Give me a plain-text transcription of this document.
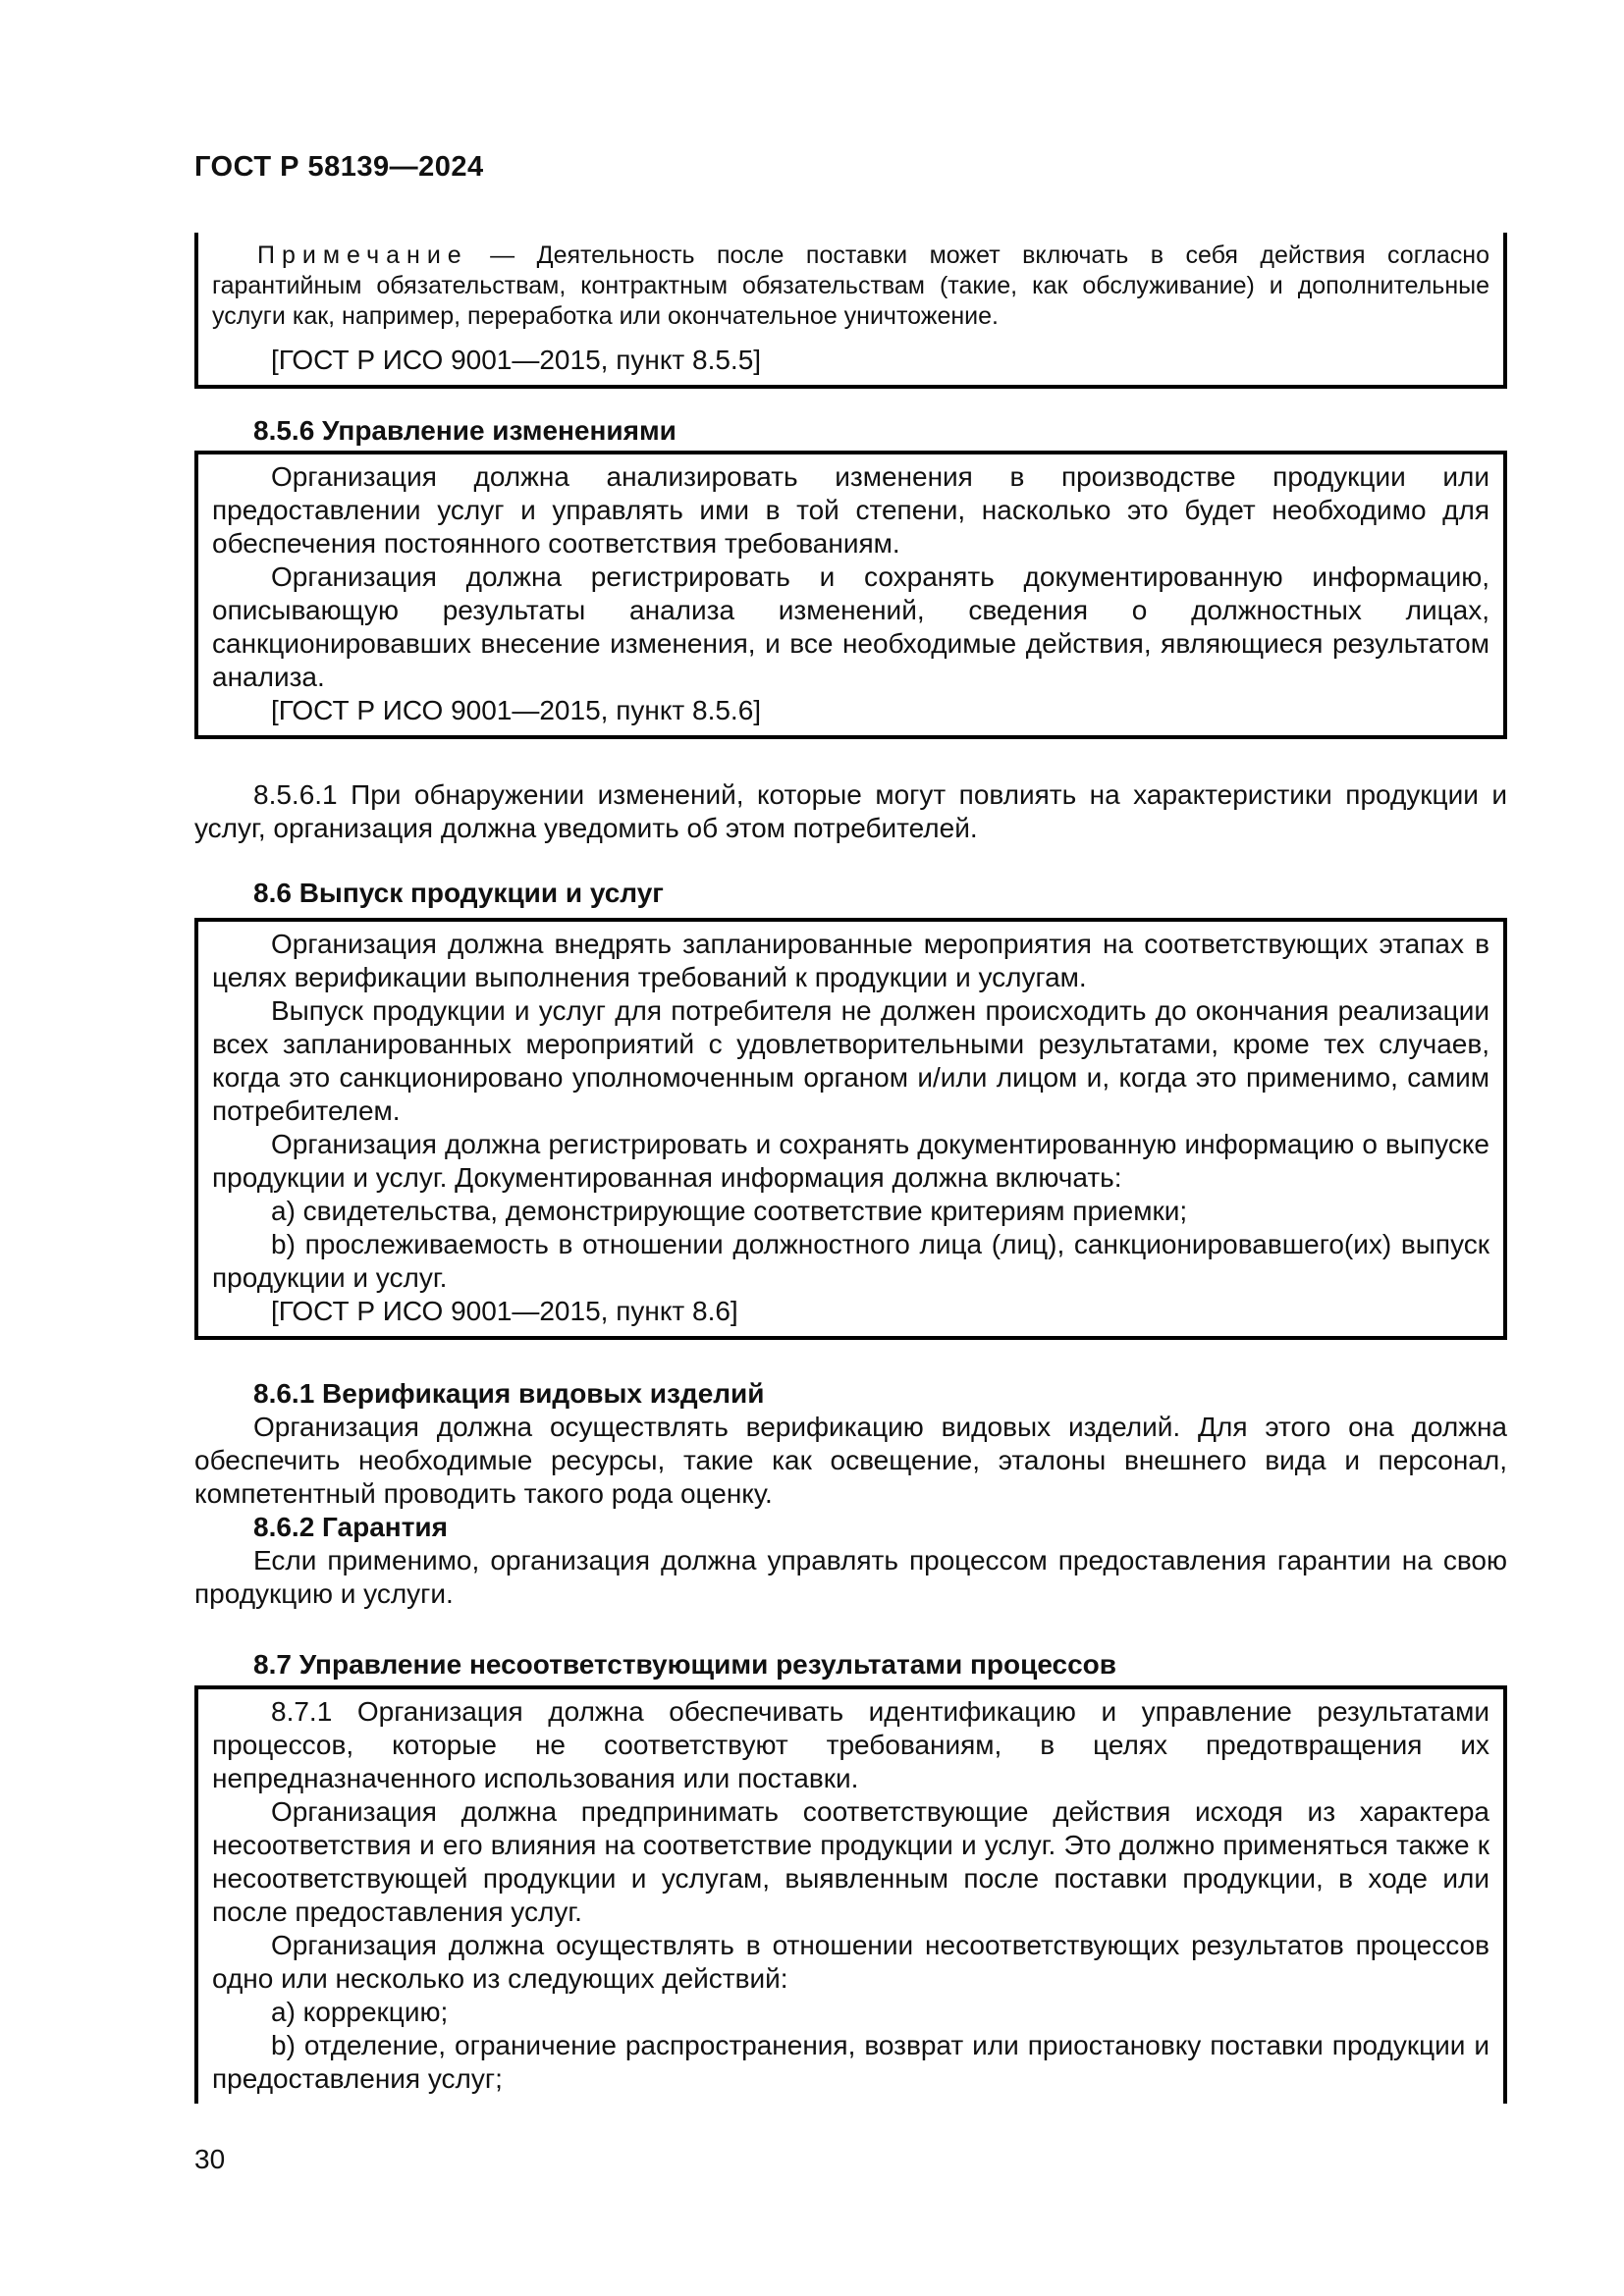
ГОСТ Р 58139—2024

Примечание — Деятельность после поставки может включать в себя действия согласно гарантийным обязательствам, контрактным обязательствам (такие, как обслуживание) и дополнительные услуги как, например, переработка или окончательное уничтожение.

[ГОСТ Р ИСО 9001—2015, пункт 8.5.5]

8.5.6 Управление изменениями

Организация должна анализировать изменения в производстве продукции или предоставлении услуг и управлять ими в той степени, насколько это будет необходимо для обеспечения постоянного соответствия требованиям.

Организация должна регистрировать и сохранять документированную информацию, описывающую результаты анализа изменений, сведения о должностных лицах, санкционировавших внесение изменения, и все необходимые действия, являющиеся результатом анализа.

[ГОСТ Р ИСО 9001—2015, пункт 8.5.6]

8.5.6.1 При обнаружении изменений, которые могут повлиять на характеристики продукции и услуг, организация должна уведомить об этом потребителей.

8.6 Выпуск продукции и услуг

Организация должна внедрять запланированные мероприятия на соответствующих этапах в целях верификации выполнения требований к продукции и услугам.

Выпуск продукции и услуг для потребителя не должен происходить до окончания реализации всех запланированных мероприятий с удовлетворительными результатами, кроме тех случаев, когда это санкционировано уполномоченным органом и/или лицом и, когда это применимо, самим потребителем.

Организация должна регистрировать и сохранять документированную информацию о выпуске продукции и услуг. Документированная информация должна включать:

a) свидетельства, демонстрирующие соответствие критериям приемки;

b) прослеживаемость в отношении должностного лица (лиц), санкционировавшего(их) выпуск продукции и услуг.

[ГОСТ Р ИСО 9001—2015, пункт 8.6]

8.6.1 Верификация видовых изделий

Организация должна осуществлять верификацию видовых изделий. Для этого она должна обеспечить необходимые ресурсы, такие как освещение, эталоны внешнего вида и персонал, компетентный проводить такого рода оценку.

8.6.2 Гарантия

Если применимо, организация должна управлять процессом предоставления гарантии на свою продукцию и услуги.

8.7 Управление несоответствующими результатами процессов

8.7.1 Организация должна обеспечивать идентификацию и управление результатами процессов, которые не соответствуют требованиям, в целях предотвращения их непредназначенного использования или поставки.

Организация должна предпринимать соответствующие действия исходя из характера несоответствия и его влияния на соответствие продукции и услуг. Это должно применяться также к несоответствующей продукции и услугам, выявленным после поставки продукции, в ходе или после предоставления услуг.

Организация должна осуществлять в отношении несоответствующих результатов процессов одно или несколько из следующих действий:

a) коррекцию;

b) отделение, ограничение распространения, возврат или приостановку поставки продукции и предоставления услуг;

30
